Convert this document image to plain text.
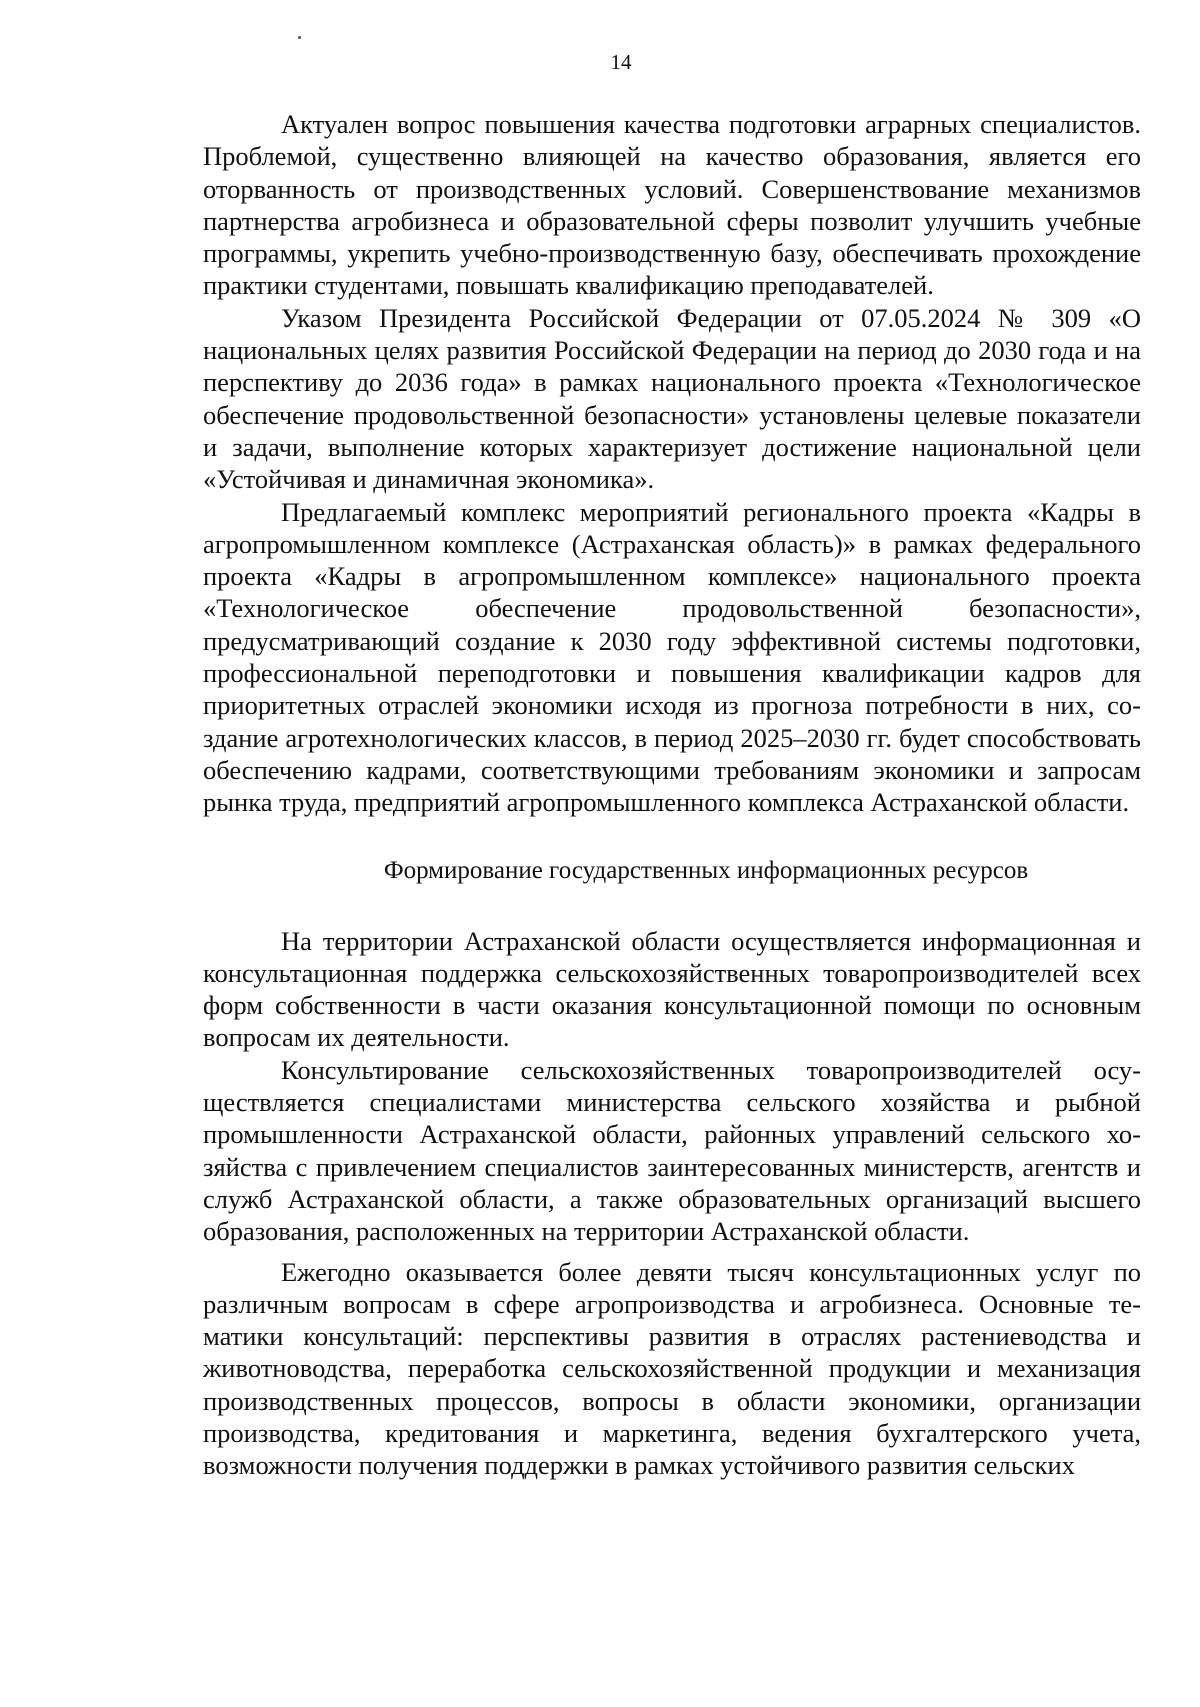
14

Актуален вопрос повышения качества подготовки аграрных специалистов. Проблемой, существенно влияющей на качество образования, является его оторванность от производственных условий. Совершенствование механизмов партнерства агробизнеса и образовательной сферы позволит улучшить учебные программы, укрепить учебно-производственную базу, обеспечивать прохождение практики студентами, повышать квалификацию преподавателей.

Указом Президента Российской Федерации от 07.05.2024 № 309 «О национальных целях развития Российской Федерации на период до 2030 года и на перспективу до 2036 года» в рамках национального проекта «Технологическое обеспечение продовольственной безопасности» установлены целевые показатели и задачи, выполнение которых характеризует достижение национальной цели «Устойчивая и динамичная экономика».

Предлагаемый комплекс мероприятий регионального проекта «Кадры в агропромышленном комплексе (Астраханская область)» в рамках федерального проекта «Кадры в агропромышленном комплексе» национального проекта «Технологическое обеспечение продовольственной безопасности», предусматривающий создание к 2030 году эффективной системы подготовки, профессиональной переподготовки и повышения квалификации кадров для приоритетных отраслей экономики исходя из прогноза потребности в них, создание агротехнологических классов, в период 2025–2030 гг. будет способствовать обеспечению кадрами, соответствующими требованиям экономики и запросам рынка труда, предприятий агропромышленного комплекса Астраханской области.

Формирование государственных информационных ресурсов

На территории Астраханской области осуществляется информационная и консультационная поддержка сельскохозяйственных товаропроизводителей всех форм собственности в части оказания консультационной помощи по основным вопросам их деятельности.

Консультирование сельскохозяйственных товаропроизводителей осуществляется специалистами министерства сельского хозяйства и рыбной промышленности Астраханской области, районных управлений сельского хозяйства с привлечением специалистов заинтересованных министерств, агентств и служб Астраханской области, а также образовательных организаций высшего образования, расположенных на территории Астраханской области.

Ежегодно оказывается более девяти тысяч консультационных услуг по различным вопросам в сфере агропроизводства и агробизнеса. Основные тематики консультаций: перспективы развития в отраслях растениеводства и животноводства, переработка сельскохозяйственной продукции и механизация производственных процессов, вопросы в области экономики, организации производства, кредитования и маркетинга, ведения бухгалтерского учета, возможности получения поддержки в рамках устойчивого развития сельских
